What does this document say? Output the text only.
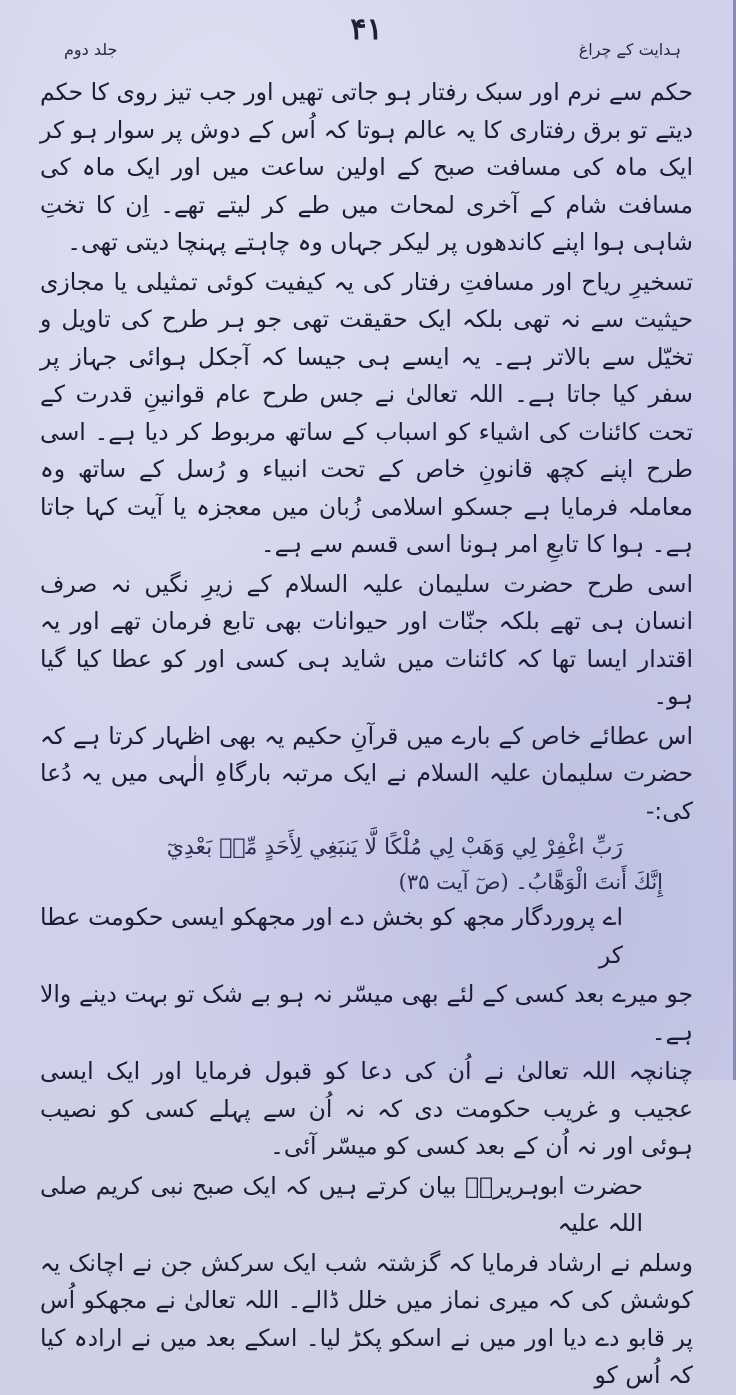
۴۱
ہدایت کے چراغ
جلد دوم

حکم سے نرم اور سبک رفتار ہو جاتی تھیں اور جب تیز روی کا حکم دیتے تو برق رفتاری کا یہ عالم ہوتا کہ اُس کے دوش پر سوار ہو کر ایک ماہ کی مسافت صبح کے اولین ساعت میں اور ایک ماہ کی مسافت شام کے آخری لمحات میں طے کر لیتے تھے۔ اِن کا تختِ شاہی ہوا اپنے کاندھوں پر لیکر جہاں وہ چاہتے پہنچا دیتی تھی۔

تسخیرِ ریاح اور مسافتِ رفتار کی یہ کیفیت کوئی تمثیلی یا مجازی حیثیت سے نہ تھی بلکہ ایک حقیقت تھی جو ہر طرح کی تاویل و تخیّل سے بالاتر ہے۔ یہ ایسے ہی جیسا کہ آجکل ہوائی جہاز پر سفر کیا جاتا ہے۔ اللہ تعالیٰ نے جس طرح عام قوانینِ قدرت کے تحت کائنات کی اشیاء کو اسباب کے ساتھ مربوط کر دیا ہے۔ اسی طرح اپنے کچھ قانونِ خاص کے تحت انبیاء و رُسل کے ساتھ وہ معاملہ فرمایا ہے جسکو اسلامی زُبان میں معجزہ یا آیت کہا جاتا ہے۔ ہوا کا تابعِ امر ہونا اسی قسم سے ہے۔

اسی طرح حضرت سلیمان علیہ السلام کے زیرِ نگیں نہ صرف انسان ہی تھے بلکہ جنّات اور حیوانات بھی تابع فرمان تھے اور یہ اقتدار ایسا تھا کہ کائنات میں شاید ہی کسی اور کو عطا کیا گیا ہو۔

اس عطائے خاص کے بارے میں قرآنِ حکیم یہ بھی اظہار کرتا ہے کہ حضرت سلیمان علیہ السلام نے ایک مرتبہ بارگاہِ الٰہی میں یہ دُعا کی:-

رَبِّ اغْفِرْ لِي وَهَبْ لِي مُلْكًا لَّا يَنبَغِي لِأَحَدٍ مِّنۢ بَعْدِيٓ

إِنَّكَ أَنتَ الْوَهَّابُ۔ (صٓ آیت ۳۵)

اے پروردگار مجھ کو بخش دے اور مجھکو ایسی حکومت عطا کر

جو میرے بعد کسی کے لئے بھی میسّر نہ ہو بے شک تو بہت دینے والا ہے۔

چنانچہ اللہ تعالیٰ نے اُن کی دعا کو قبول فرمایا اور ایک ایسی عجیب و غریب حکومت دی کہ نہ اُن سے پہلے کسی کو نصیب ہوئی اور نہ اُن کے بعد کسی کو میسّر آئی۔

حضرت ابوہریرہؓ بیان کرتے ہیں کہ ایک صبح نبی کریم صلی اللہ علیہ

وسلم نے ارشاد فرمایا کہ گزشتہ شب ایک سرکش جن نے اچانک یہ کوشش کی کہ میری نماز میں خلل ڈالے۔ اللہ تعالیٰ نے مجھکو اُس پر قابو دے دیا اور میں نے اسکو پکڑ لیا۔ اسکے بعد میں نے ارادہ کیا کہ اُس کو
